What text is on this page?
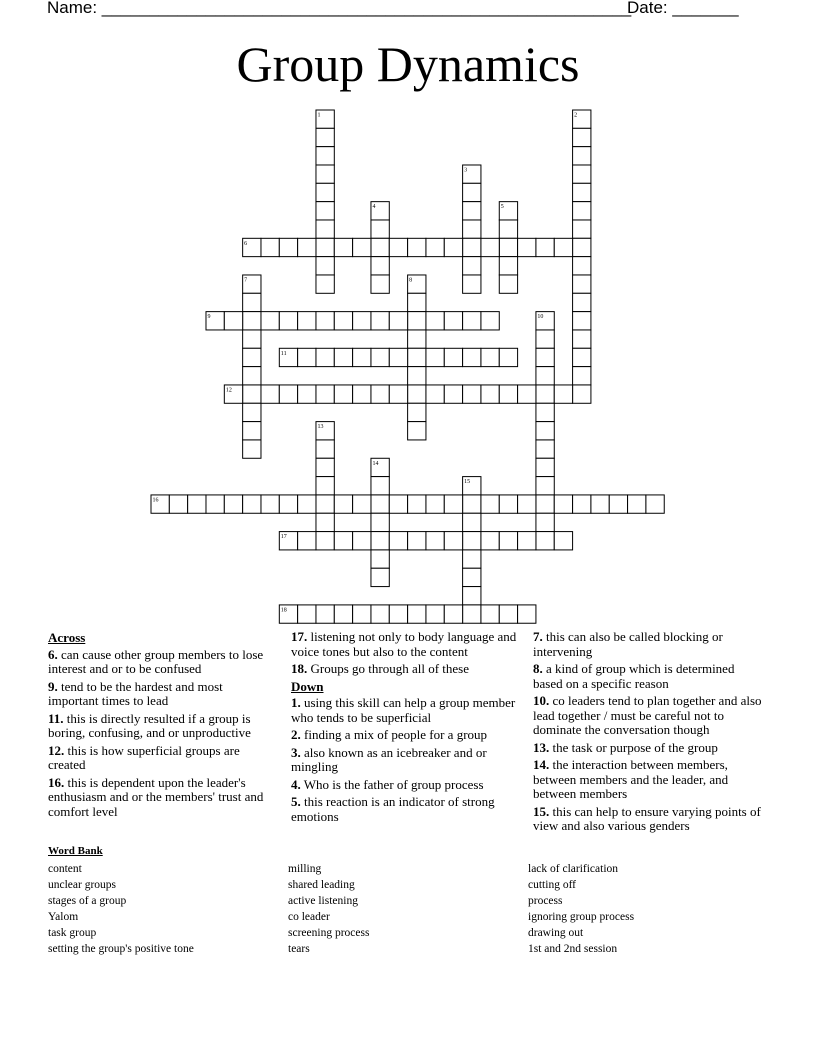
Name: ________________________________________________________
Date: _______
Group Dynamics
1	2
3
4	5
6
7	8
9	10
11
12
13
14
15
16
17
18
Across
6. can cause other group members to lose interest and or to be confused
9. tend to be the hardest and most important times to lead
11. this is directly resulted if a group is boring, confusing, and or unproductive
12. this is how superficial groups are created
16. this is dependent upon the leader's enthusiasm and or the members' trust and comfort level
17. listening not only to body language and voice tones but also to the content
18. Groups go through all of these
Down
1. using this skill can help a group member who tends to be superficial
2. finding a mix of people for a group
3. also known as an icebreaker and or mingling
4. Who is the father of group process
5. this reaction is an indicator of strong emotions
7. this can also be called blocking or intervening
8. a kind of group which is determined based on a specific reason
10. co leaders tend to plan together and also lead together / must be careful not to dominate the conversation though
13. the task or purpose of the group
14. the interaction between members, between members and the leader, and between members
15. this can help to ensure varying points of view and also various genders
Word Bank
content
unclear groups
stages of a group
Yalom
task group
setting the group's positive tone
milling
shared leading
active listening
co leader
screening process
tears
lack of clarification
cutting off
process
ignoring group process
drawing out
1st and 2nd session
